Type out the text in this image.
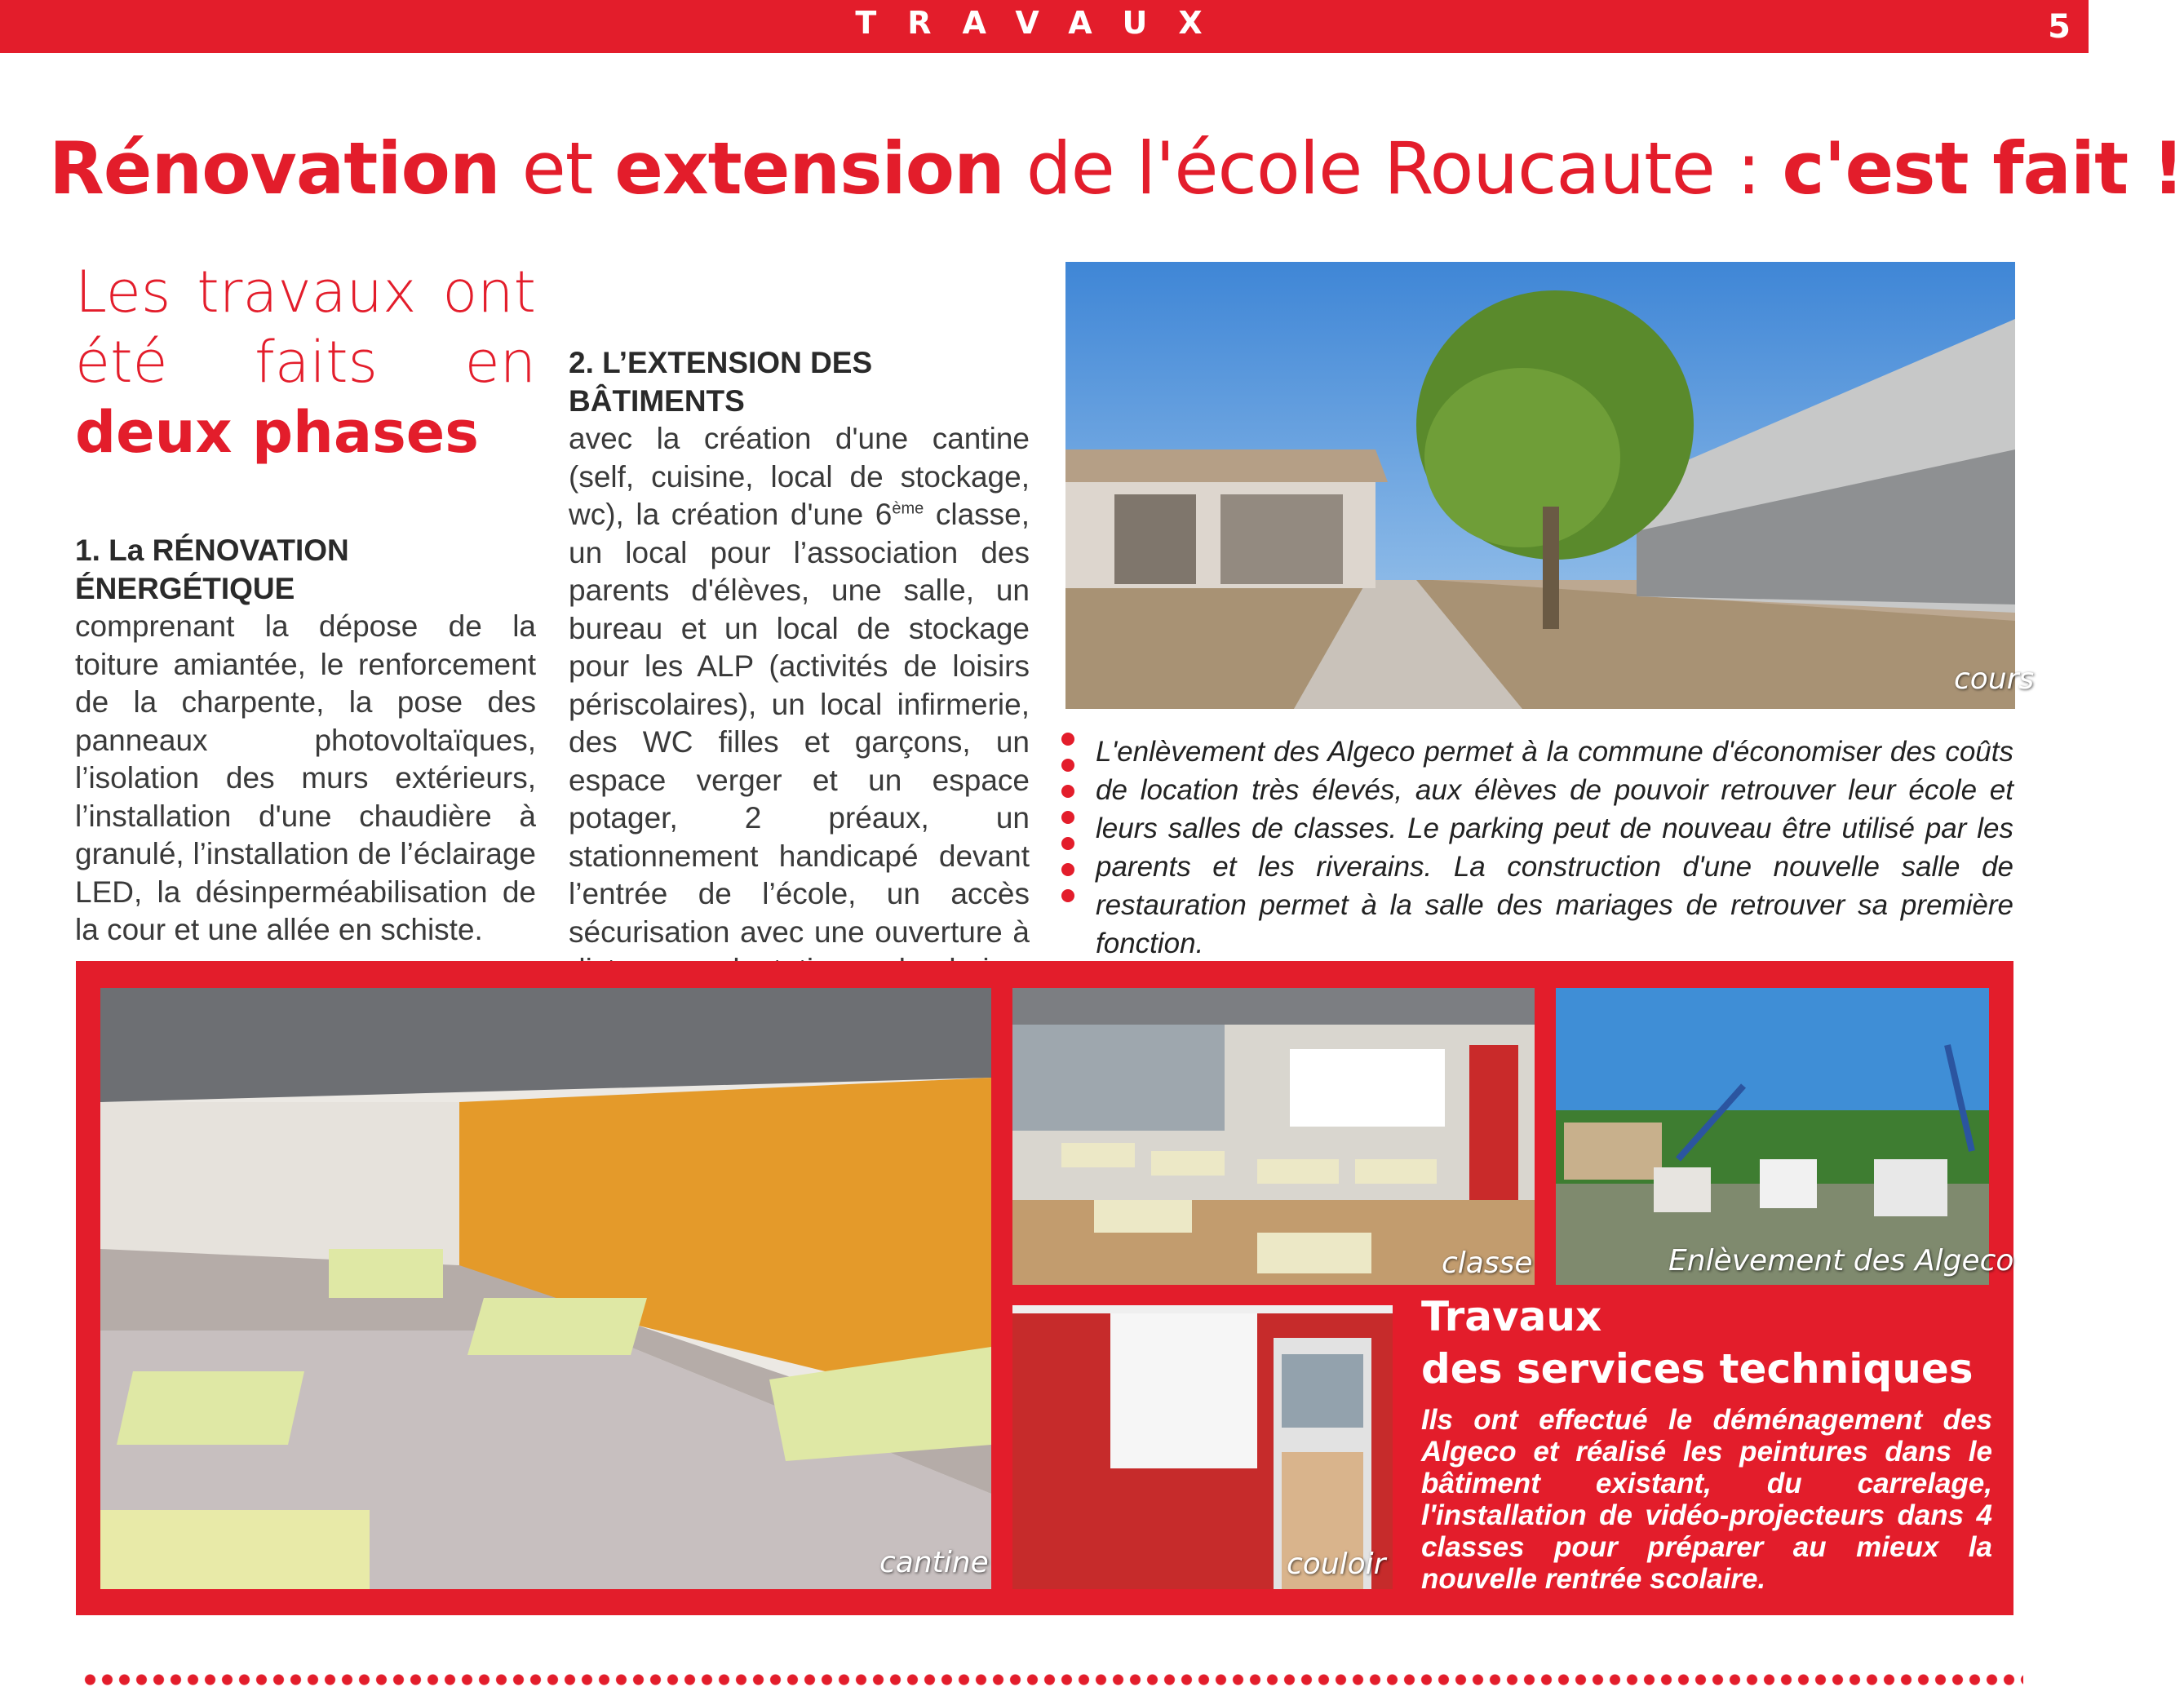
TRAVAUX	5
Rénovation et extension de l'école Roucaute : c'est fait !
Les travaux ont été faits en deux phases
1. La RÉNOVATION ÉNERGÉTIQUE
comprenant la dépose de la toiture amiantée, le renforcement de la charpente, la pose des panneaux photovoltaïques, l’isolation des murs extérieurs, l’installation d'une chaudière à granulé, l’installation de l’éclairage LED, la désinperméabilisation de la cour et une allée en schiste.
2. L’EXTENSION DES BÂTIMENTS
avec la création d'une cantine (self, cuisine, local de stockage, wc), la création d'une 6ème classe, un local pour l’association des parents d'élèves, une salle, un bureau et un local de stockage pour les ALP (activités de loisirs périscolaires), un local infirmerie, des WC filles et garçons, un espace verger et un espace potager, 2 préaux, un stationnement handicapé devant l’entrée de l’école, un accès sécurisation avec une ouverture à
cours
L'enlèvement des Algeco permet à la commune d'économiser des coûts de location très élevés, aux élèves de pouvoir retrouver leur école et leurs salles de classes. Le parking peut de nouveau être utilisé par les parents et les riverains. La construction d'une nouvelle salle de restauration permet à la salle des mariages de retrouver sa première fonction.
cantine
classe	Enlèvement des Algeco
couloir
Travaux
des services techniques
Ils ont effectué le déménagement des Algeco et réalisé les peintures dans le bâtiment existant, du carrelage, l'installation de vidéo-projecteurs dans 4 classes pour préparer au mieux la nouvelle rentrée scolaire.
